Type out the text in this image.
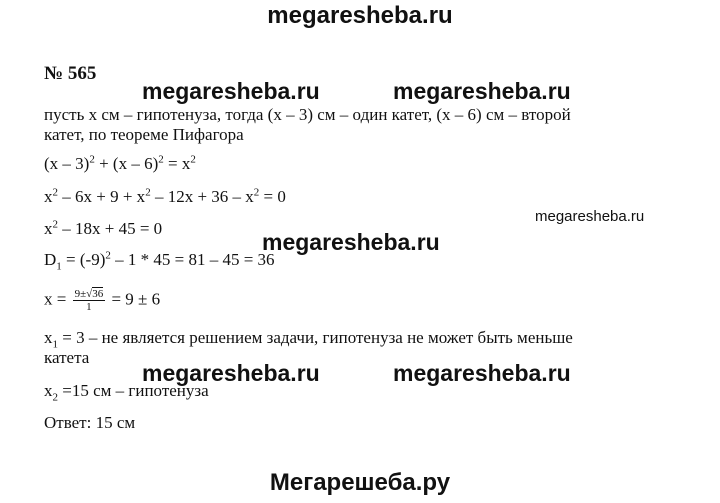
megaresheba.ru
megaresheba.ru	megaresheba.ru
megaresheba.ru
megaresheba.ru
megaresheba.ru	megaresheba.ru
№ 565
пусть х см – гипотенуза, тогда (х – 3) см – один катет, (х – 6) см – второй
катет, по теореме Пифагора
$(x - 3)^2 + (x - 6)^2 = x^2$
$x^2 - 6x + 9 + x^2 - 12x + 36 - x^2 = 0$
$x^2 - 18x + 45 = 0$
$D_1 = (-9)^2 - 1 * 45 = 81 - 45 = 36$
$x = \frac{9\pm√36}{1} = 9 \pm 6$
$x_1 = 3$ – не является решением задачи, гипотенуза не может быть меньше
катета
$x_2 =15$ см – гипотенуза
Ответ: 15 см
Мегарешеба.ру
